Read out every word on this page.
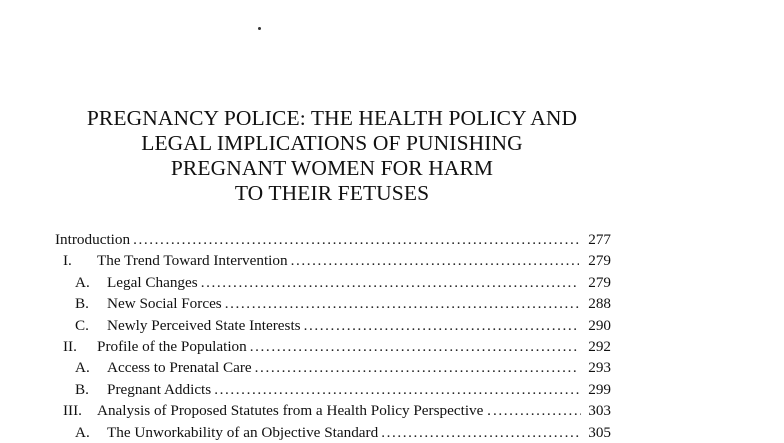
PREGNANCY POLICE: THE HEALTH POLICY AND
LEGAL IMPLICATIONS OF PUNISHING
PREGNANT WOMEN FOR HARM
TO THEIR FETUSES
Introduction . . .	277
I.	The Trend Toward Intervention . . .	279
A.	Legal Changes . . .	279
B.	New Social Forces . . .	288
C.	Newly Perceived State Interests . . .	290
II.	Profile of the Population . . .	292
A.	Access to Prenatal Care . . .	293
B.	Pregnant Addicts . . .	299
III. Analysis of Proposed Statutes from a Health Policy Perspective . . . .	303
A.	The Unworkability of an Objective Standard . . .	305
